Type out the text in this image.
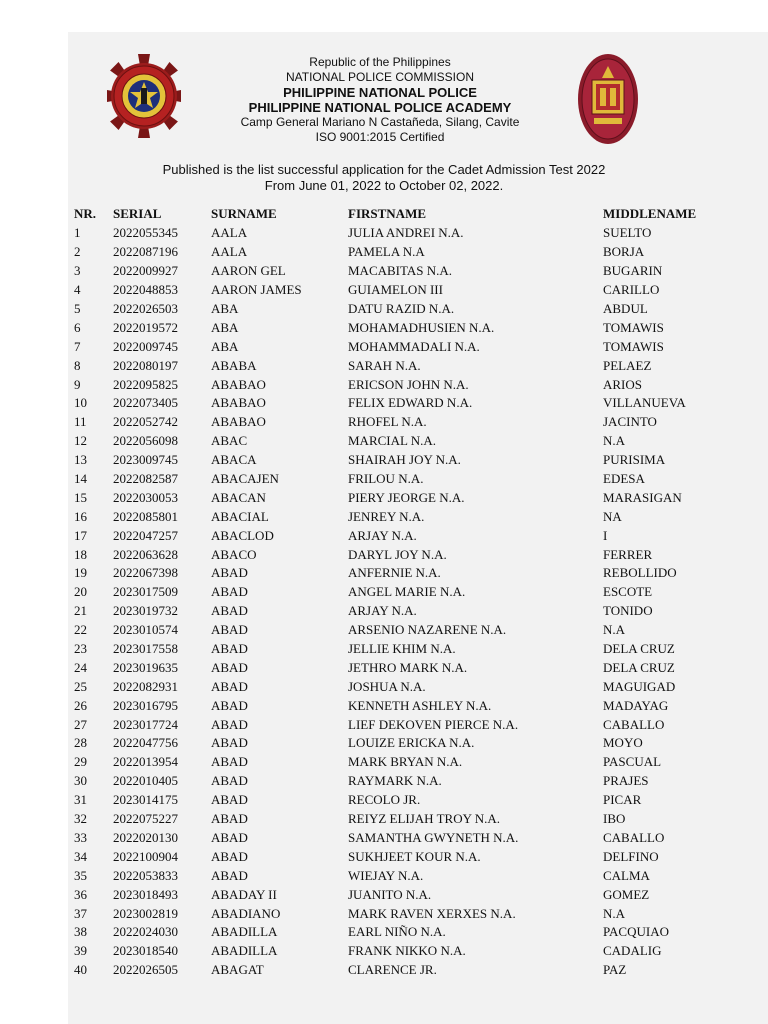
Republic of the Philippines
NATIONAL POLICE COMMISSION
PHILIPPINE NATIONAL POLICE
PHILIPPINE NATIONAL POLICE ACADEMY
Camp General Mariano N Castañeda, Silang, Cavite
ISO 9001:2015 Certified
Published is the list successful application for the Cadet Admission Test 2022
From June 01, 2022 to October 02, 2022.
NR.	SERIAL	SURNAME	FIRSTNAME	MIDDLENAME
1	2022055345	AALA	JULIA ANDREI N.A.	SUELTO
2	2022087196	AALA	PAMELA N.A	BORJA
3	2022009927	AARON GEL	MACABITAS N.A.	BUGARIN
4	2022048853	AARON JAMES	GUIAMELON III	CARILLO
5	2022026503	ABA	DATU RAZID N.A.	ABDUL
6	2022019572	ABA	MOHAMADHUSIEN N.A.	TOMAWIS
7	2022009745	ABA	MOHAMMADALI N.A.	TOMAWIS
8	2022080197	ABABA	SARAH N.A.	PELAEZ
9	2022095825	ABABAO	ERICSON JOHN N.A.	ARIOS
10	2022073405	ABABAO	FELIX EDWARD N.A.	VILLANUEVA
11	2022052742	ABABAO	RHOFEL N.A.	JACINTO
12	2022056098	ABAC	MARCIAL N.A.	N.A
13	2023009745	ABACA	SHAIRAH JOY N.A.	PURISIMA
14	2022082587	ABACAJEN	FRILOU N.A.	EDESA
15	2022030053	ABACAN	PIERY JEORGE N.A.	MARASIGAN
16	2022085801	ABACIAL	JENREY N.A.	NA
17	2022047257	ABACLOD	ARJAY N.A.	I
18	2022063628	ABACO	DARYL JOY N.A.	FERRER
19	2022067398	ABAD	ANFERNIE N.A.	REBOLLIDO
20	2023017509	ABAD	ANGEL MARIE N.A.	ESCOTE
21	2023019732	ABAD	ARJAY N.A.	TONIDO
22	2023010574	ABAD	ARSENIO NAZARENE N.A.	N.A
23	2023017558	ABAD	JELLIE KHIM N.A.	DELA CRUZ
24	2023019635	ABAD	JETHRO MARK N.A.	DELA CRUZ
25	2022082931	ABAD	JOSHUA N.A.	MAGUIGAD
26	2023016795	ABAD	KENNETH ASHLEY N.A.	MADAYAG
27	2023017724	ABAD	LIEF DEKOVEN PIERCE N.A.	CABALLO
28	2022047756	ABAD	LOUIZE ERICKA N.A.	MOYO
29	2022013954	ABAD	MARK BRYAN N.A.	PASCUAL
30	2022010405	ABAD	RAYMARK N.A.	PRAJES
31	2023014175	ABAD	RECOLO JR.	PICAR
32	2022075227	ABAD	REIYZ ELIJAH TROY N.A.	IBO
33	2022020130	ABAD	SAMANTHA GWYNETH N.A.	CABALLO
34	2022100904	ABAD	SUKHJEET KOUR N.A.	DELFINO
35	2022053833	ABAD	WIEJAY N.A.	CALMA
36	2023018493	ABADAY II	JUANITO N.A.	GOMEZ
37	2023002819	ABADIANO	MARK RAVEN XERXES N.A.	N.A
38	2022024030	ABADILLA	EARL NIÑO N.A.	PACQUIAO
39	2023018540	ABADILLA	FRANK NIKKO N.A.	CADALIG
40	2022026505	ABAGAT	CLARENCE JR.	PAZ
